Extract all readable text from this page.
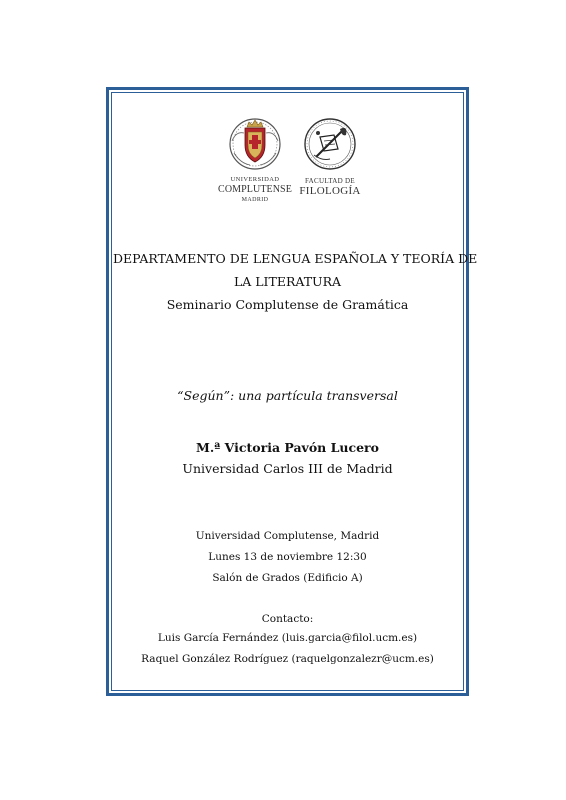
UNIVERSIDAD
COMPLUTENSE
MADRID
FACULTAD DE
FILOLOGÍA
DEPARTAMENTO DE LENGUA ESPAÑOLA Y TEORÍA DE
LA LITERATURA
Seminario Complutense de Gramática
“Según”: una partícula transversal
M.ª Victoria Pavón Lucero
Universidad Carlos III de Madrid
Universidad Complutense, Madrid
Lunes 13 de noviembre 12:30
Salón de Grados (Edificio A)
Contacto:
Luis García Fernández (luis.garcia@filol.ucm.es)
Raquel González Rodríguez (raquelgonzalezr@ucm.es)
